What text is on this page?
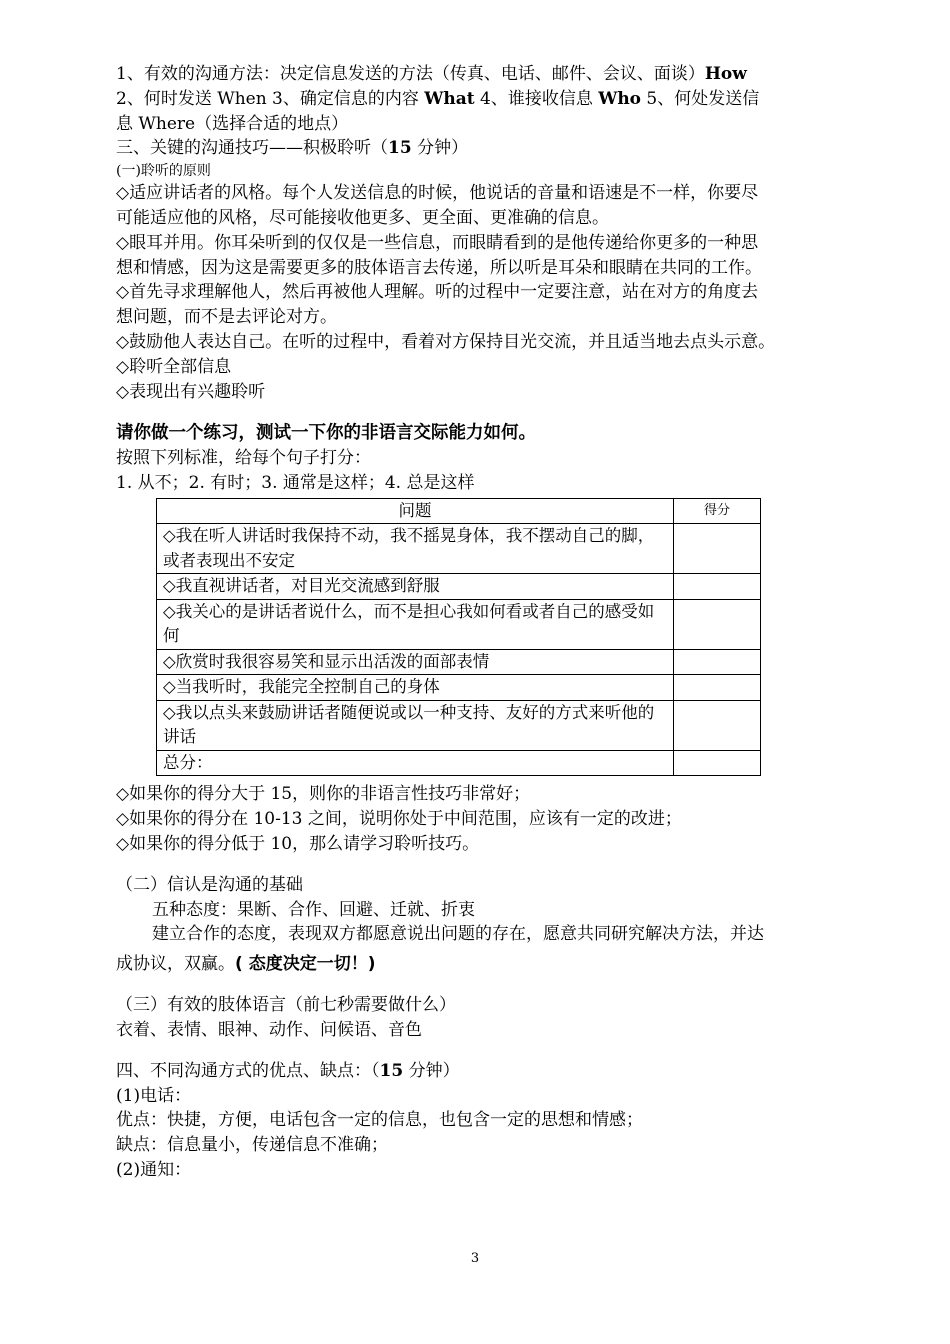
1、有效的沟通方法：决定信息发送的方法（传真、电话、邮件、会议、面谈）How
2、何时发送 When 3、确定信息的内容 What 4、谁接收信息 Who 5、何处发送信
息 Where（选择合适的地点）
三、关键的沟通技巧——积极聆听（15 分钟）
(一)聆听的原则
◇适应讲话者的风格。每个人发送信息的时候，他说话的音量和语速是不一样，你要尽
可能适应他的风格，尽可能接收他更多、更全面、更准确的信息。
◇眼耳并用。你耳朵听到的仅仅是一些信息，而眼睛看到的是他传递给你更多的一种思
想和情感，因为这是需要更多的肢体语言去传递，所以听是耳朵和眼睛在共同的工作。
◇首先寻求理解他人，然后再被他人理解。听的过程中一定要注意，站在对方的角度去
想问题，而不是去评论对方。
◇鼓励他人表达自己。在听的过程中，看着对方保持目光交流，并且适当地去点头示意。
◇聆听全部信息
◇表现出有兴趣聆听
请你做一个练习，测试一下你的非语言交际能力如何。
按照下列标准，给每个句子打分：
1. 从不；2. 有时；3. 通常是这样；4. 总是这样
问题	得分
◇我在听人讲话时我保持不动，我不摇晃身体，我不摆动自己的脚，或者表现出不安定	
◇我直视讲话者，对目光交流感到舒服	
◇我关心的是讲话者说什么，而不是担心我如何看或者自己的感受如何	
◇欣赏时我很容易笑和显示出活泼的面部表情	
◇当我听时，我能完全控制自己的身体	
◇我以点头来鼓励讲话者随便说或以一种支持、友好的方式来听他的讲话	
总分：	
◇如果你的得分大于 15，则你的非语言性技巧非常好；
◇如果你的得分在 10-13 之间，说明你处于中间范围，应该有一定的改进；
◇如果你的得分低于 10，那么请学习聆听技巧。
（二）信认是沟通的基础
五种态度：果断、合作、回避、迁就、折衷
建立合作的态度，表现双方都愿意说出问题的存在，愿意共同研究解决方法，并达
成协议，双赢。( 态度决定一切！)
（三）有效的肢体语言（前七秒需要做什么）
衣着、表情、眼神、动作、问候语、音色
四、不同沟通方式的优点、缺点：（15 分钟）
(1)电话：
优点：快捷，方便，电话包含一定的信息，也包含一定的思想和情感；
缺点：信息量小，传递信息不准确；
(2)通知：
3
